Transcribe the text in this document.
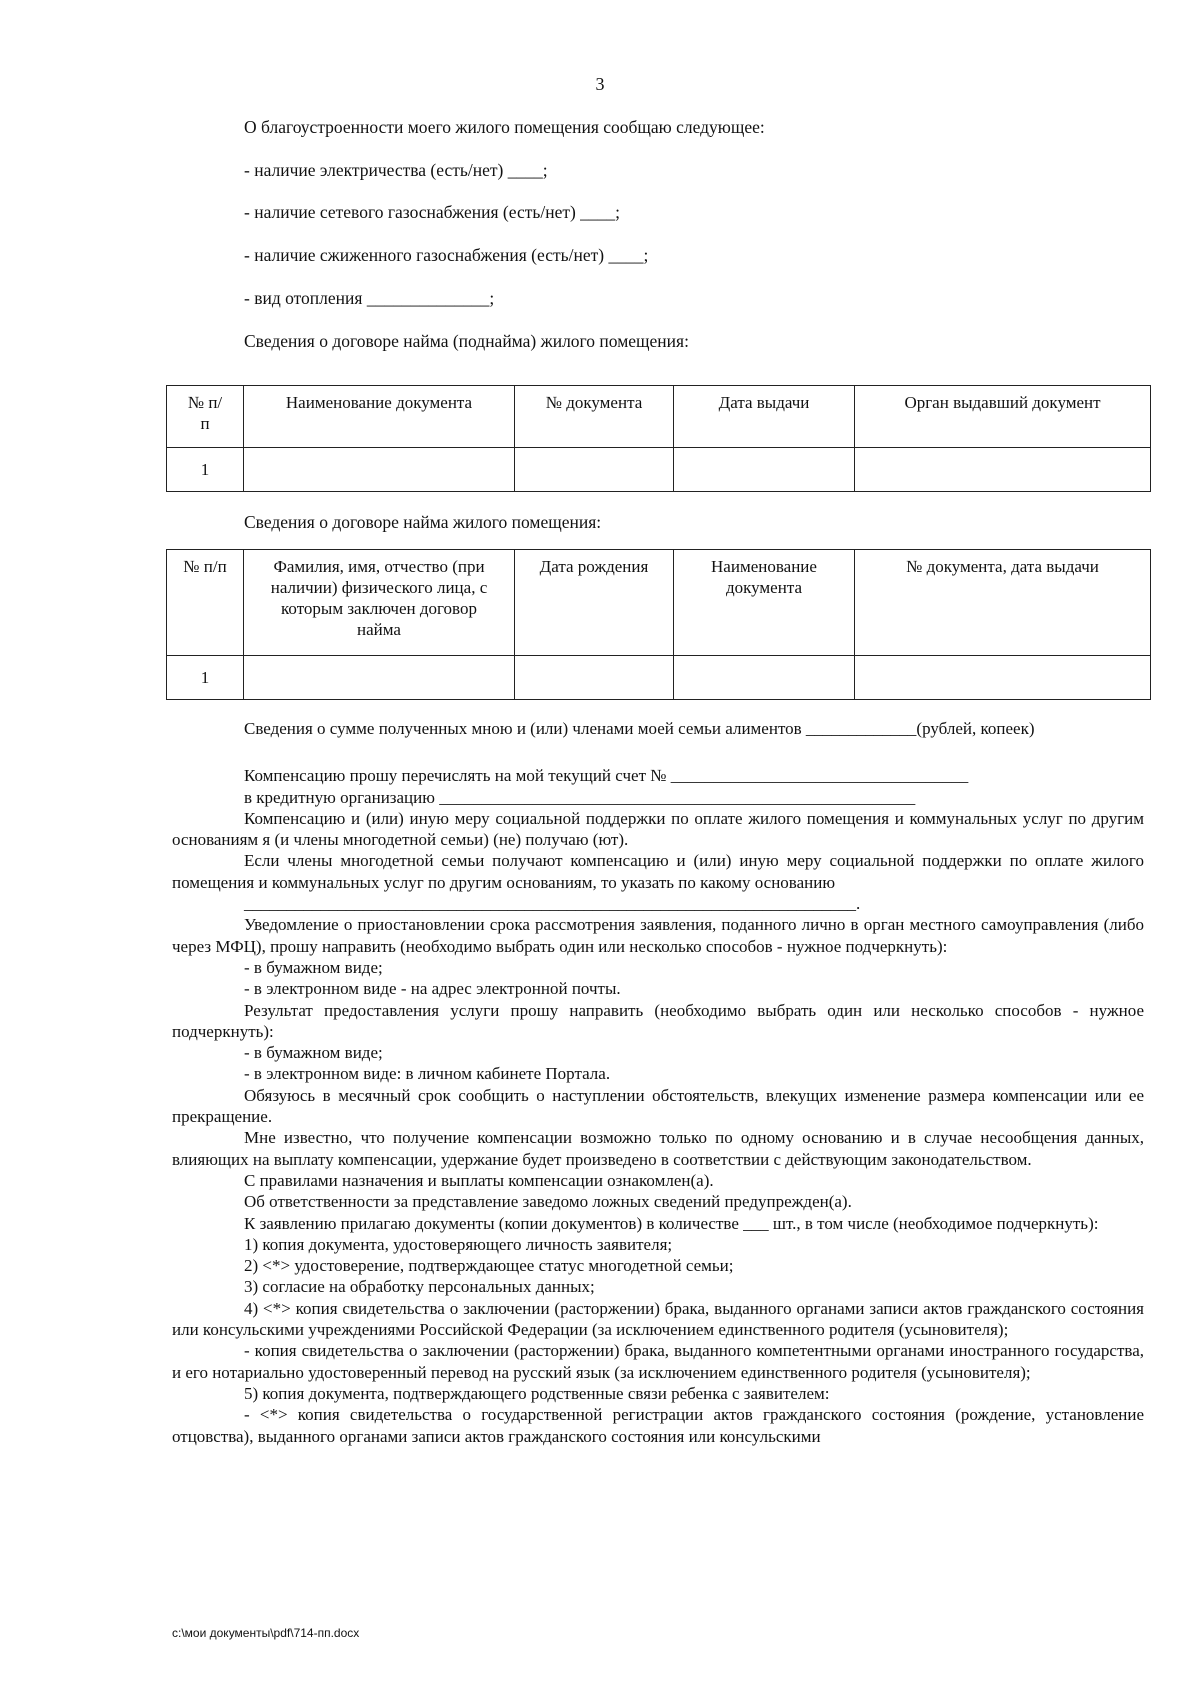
3
О благоустроенности моего жилого помещения сообщаю следующее:
- наличие электричества (есть/нет) ____;
- наличие сетевого газоснабжения (есть/нет) ____;
- наличие сжиженного газоснабжения (есть/нет) ____;
- вид отопления ______________;
Сведения о договоре найма (поднайма) жилого помещения:
№ п/п	Наименование документа	№ документа	Дата выдачи	Орган выдавший документ
1				
Сведения о договоре найма жилого помещения:
№ п/п	Фамилия, имя, отчество (при наличии) физического лица, с которым заключен договор найма	Дата рождения	Наименование документа	№ документа, дата выдачи
1				

Сведения о сумме полученных мною и (или) членами моей семьи алиментов _____________(рублей, копеек)

Компенсацию прошу перечислять на мой текущий счет № ___________________________________

в кредитную организацию ________________________________________________________

Компенсацию и (или) иную меру социальной поддержки по оплате жилого помещения и коммунальных услуг по другим основаниям я (и члены многодетной семьи) (не) получаю (ют).

Если члены многодетной семьи получают компенсацию и (или) иную меру социальной поддержки по оплате жилого помещения и коммунальных услуг по другим основаниям, то указать по какому основанию

________________________________________________________________________.

Уведомление о приостановлении срока рассмотрения заявления, поданного лично в орган местного самоуправления (либо через МФЦ), прошу направить (необходимо выбрать один или несколько способов - нужное подчеркнуть):

- в бумажном виде;

- в электронном виде - на адрес электронной почты.

Результат предоставления услуги прошу направить (необходимо выбрать один или несколько способов - нужное подчеркнуть):

- в бумажном виде;

- в электронном виде: в личном кабинете Портала.

Обязуюсь в месячный срок сообщить о наступлении обстоятельств, влекущих изменение размера компенсации или ее прекращение.

Мне известно, что получение компенсации возможно только по одному основанию и в случае несообщения данных, влияющих на выплату компенсации, удержание будет произведено в соответствии с действующим законодательством.

С правилами назначения и выплаты компенсации ознакомлен(а).

Об ответственности за представление заведомо ложных сведений предупрежден(а).

К заявлению прилагаю документы (копии документов) в количестве ___ шт., в том числе (необходимое подчеркнуть):

1) копия документа, удостоверяющего личность заявителя;

2) <*> удостоверение, подтверждающее статус многодетной семьи;

3) согласие на обработку персональных данных;

4) <*> копия свидетельства о заключении (расторжении) брака, выданного органами записи актов гражданского состояния или консульскими учреждениями Российской Федерации (за исключением единственного родителя (усыновителя);

- копия свидетельства о заключении (расторжении) брака, выданного компетентными органами иностранного государства, и его нотариально удостоверенный перевод на русский язык (за исключением единственного родителя (усыновителя);

5) копия документа, подтверждающего родственные связи ребенка с заявителем:

- <*> копия свидетельства о государственной регистрации актов гражданского состояния (рождение, установление отцовства), выданного органами записи актов гражданского состояния или консульскими

c:\мои документы\pdf\714-пп.docx
